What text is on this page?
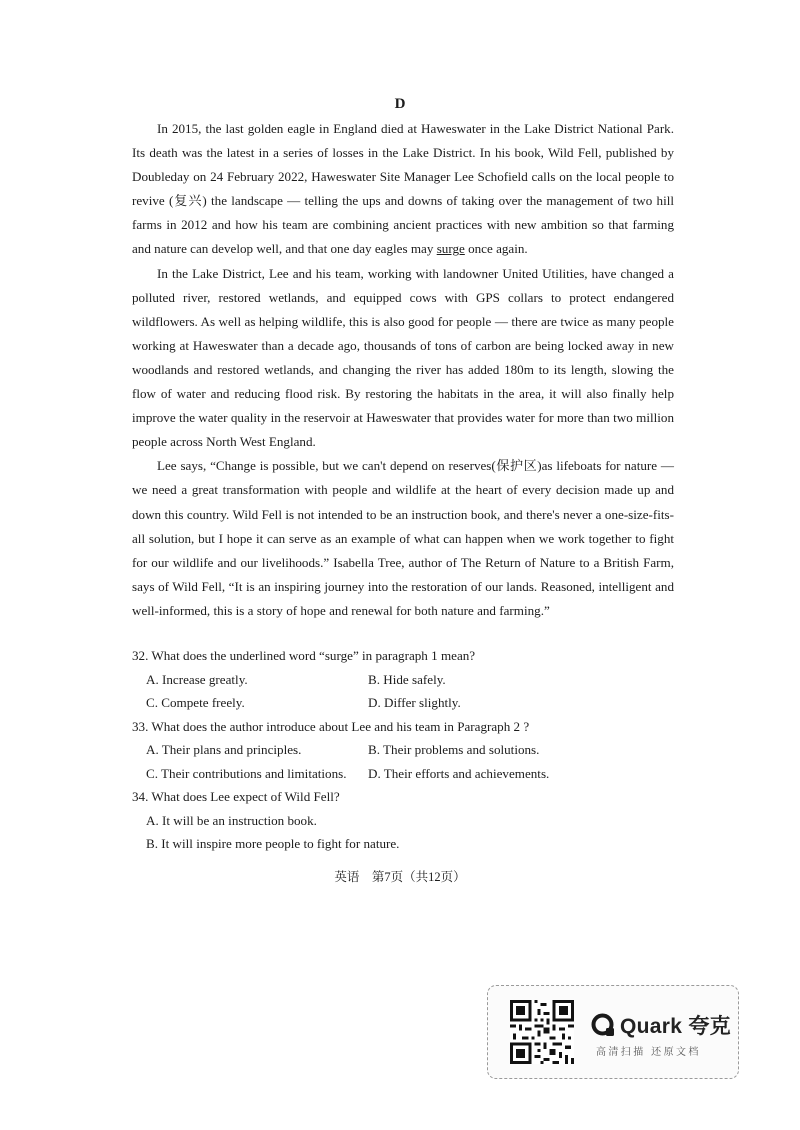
D

In 2015, the last golden eagle in England died at Haweswater in the Lake District National Park. Its death was the latest in a series of losses in the Lake District. In his book, Wild Fell, published by Doubleday on 24 February 2022, Haweswater Site Manager Lee Schofield calls on the local people to revive (复兴) the landscape — telling the ups and downs of taking over the management of two hill farms in 2012 and how his team are combining ancient practices with new ambition so that farming and nature can develop well, and that one day eagles may surge once again.

In the Lake District, Lee and his team, working with landowner United Utilities, have changed a polluted river, restored wetlands, and equipped cows with GPS collars to protect endangered wildflowers. As well as helping wildlife, this is also good for people — there are twice as many people working at Haweswater than a decade ago, thousands of tons of carbon are being locked away in new woodlands and restored wetlands, and changing the river has added 180m to its length, slowing the flow of water and reducing flood risk. By restoring the habitats in the area, it will also finally help improve the water quality in the reservoir at Haweswater that provides water for more than two million people across North West England.

Lee says, “Change is possible, but we can't depend on reserves(保护区)as lifeboats for nature — we need a great transformation with people and wildlife at the heart of every decision made up and down this country. Wild Fell is not intended to be an instruction book, and there's never a one-size-fits-all solution, but I hope it can serve as an example of what can happen when we work together to fight for our wildlife and our livelihoods.” Isabella Tree, author of The Return of Nature to a British Farm, says of Wild Fell, “It is an inspiring journey into the restoration of our lands. Reasoned, intelligent and well-informed, this is a story of hope and renewal for both nature and farming.”

32. What does the underlined word “surge” in paragraph 1 mean?

A. Increase greatly.	B. Hide safely.
C. Compete freely.	D. Differ slightly.

33. What does the author introduce about Lee and his team in Paragraph 2 ?

A. Their plans and principles.	B. Their problems and solutions.
C. Their contributions and limitations.	D. Their efforts and achievements.

34. What does Lee expect of Wild Fell?

A. It will be an instruction book.
B. It will inspire more people to fight for nature.
英语　第7页（共12页）
Quark 夸克
高清扫描 还原文档
